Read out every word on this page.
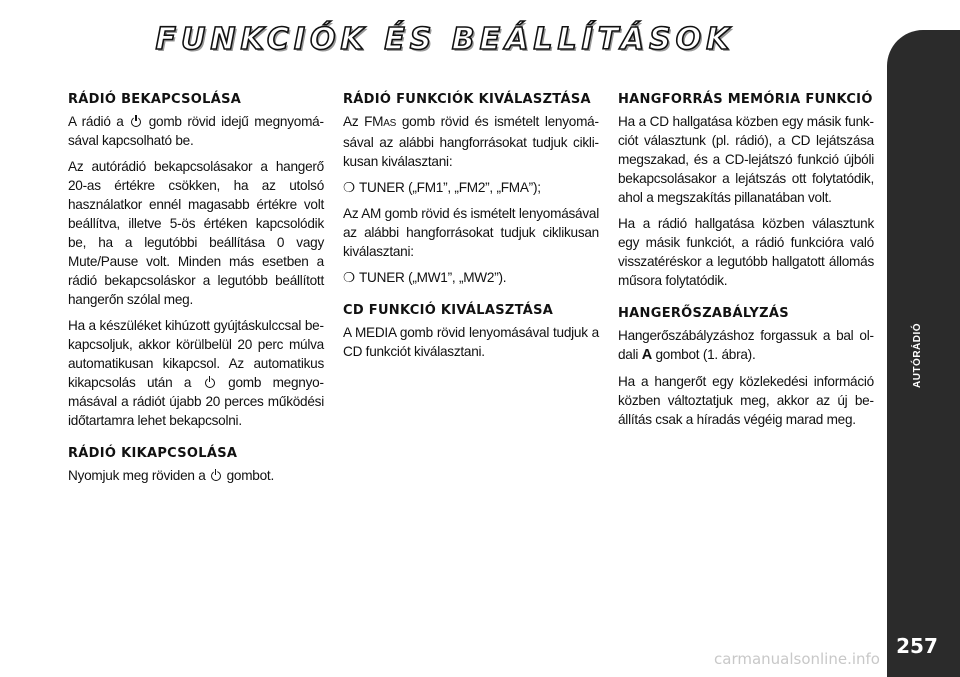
FUNKCIÓK ÉS BEÁLLÍTÁSOK
RÁDIÓ BEKAPCSOLÁSA

A rádió a gomb rövid idejű megnyomásával kapcsolható be.

Az autórádió bekapcsolásakor a hangerő 20-as értékre csökken, ha az utolsó használatkor ennél magasabb értékre volt beállítva, illetve 5-ös értéken kapcsolódik be, ha a legutóbbi beállítása 0 vagy Mute/Pause volt. Minden más esetben a rádió bekapcsoláskor a legutóbb beállított hangerőn szólal meg.

Ha a készüléket kihúzott gyújtáskulccsal bekapcsoljuk, akkor körülbelül 20 perc múlva automatikusan kikapcsol. Az automatikus kikapcsolás után a	gomb megnyomásával a rádiót újabb 20 perces működési időtartamra lehet bekapcsolni.

RÁDIÓ KIKAPCSOLÁSA

Nyomjuk meg röviden a gombot.

RÁDIÓ FUNKCIÓK KIVÁLASZTÁSA

Az FMAS gomb rövid és ismételt lenyomásával az alábbi hangforrásokat tudjuk ciklikusan kiválasztani:

❍ TUNER („FM1”, „FM2”, „FMA”);

Az AM gomb rövid és ismételt lenyomásával az alábbi hangforrásokat tudjuk ciklikusan kiválasztani:

❍ TUNER („MW1”, „MW2”).
CD FUNKCIÓ KIVÁLASZTÁSA

A MEDIA gomb rövid lenyomásával tudjuk a CD funkciót kiválasztani.

HANGFORRÁS MEMÓRIA FUNKCIÓ

Ha a CD hallgatása közben egy másik funkciót választunk (pl. rádió), a CD lejátszása megszakad, és a CD-lejátszó funkció újbóli bekapcsolásakor a lejátszás ott folytatódik, ahol a megszakítás pillanatában volt.

Ha a rádió hallgatása közben választunk egy másik funkciót, a rádió funkcióra való visszatéréskor a legutóbb hallgatott állomás műsora folytatódik.

HANGERŐSZABÁLYZÁS

Hangerőszábályzáshoz forgassuk a bal oldali A gombot (1. ábra).

Ha a hangerőt egy közlekedési információ közben változtatjuk meg, akkor az új beállítás csak a híradás végéig marad meg.

AUTÓRÁDIÓ
257
carmanualsonline.info
